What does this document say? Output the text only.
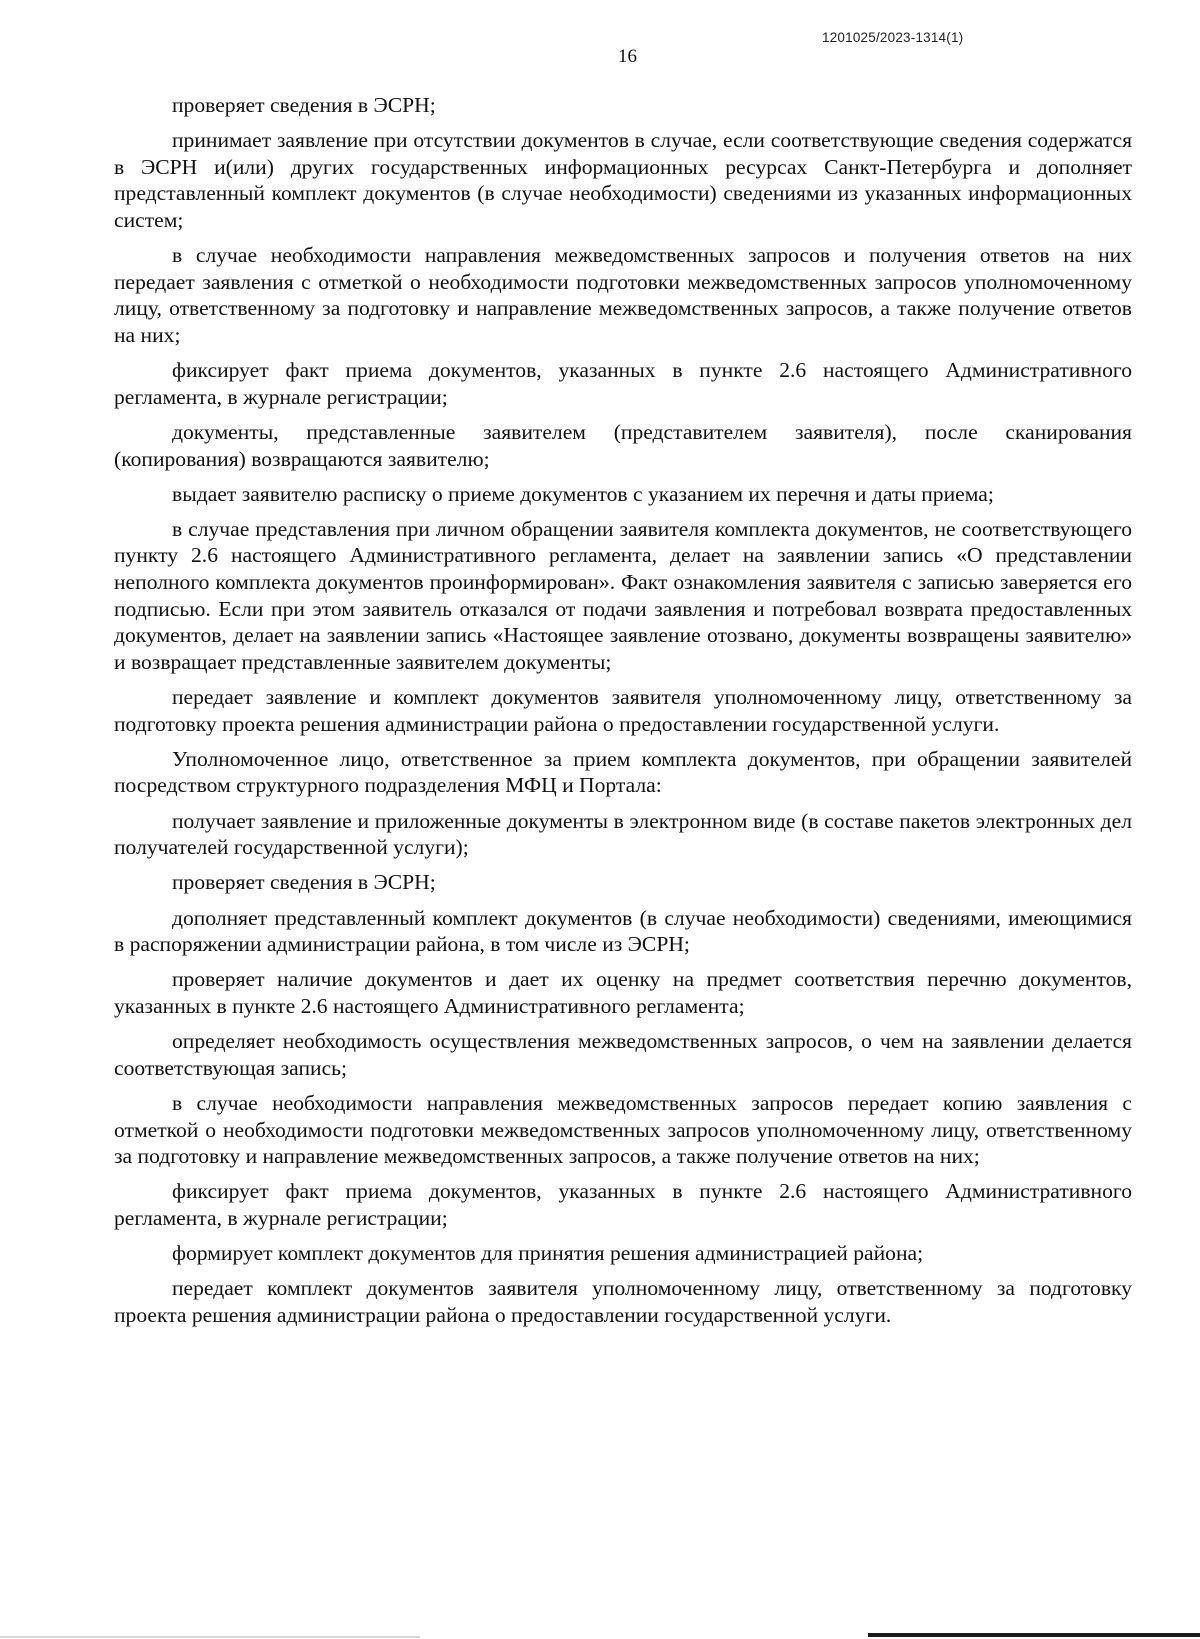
1201025/2023-1314(1)
16

проверяет сведения в ЭСРН;

принимает заявление при отсутствии документов в случае, если соответствующие сведения содержатся в ЭСРН и(или) других государственных информационных ресурсах Санкт-Петербурга и дополняет представленный комплект документов (в случае необходимости) сведениями из указанных информационных систем;

в случае необходимости направления межведомственных запросов и получения ответов на них передает заявления с отметкой о необходимости подготовки межведомственных запросов уполномоченному лицу, ответственному за подготовку и направление межведомственных запросов, а также получение ответов на них;

фиксирует факт приема документов, указанных в пункте 2.6 настоящего Административного регламента, в журнале регистрации;

документы, представленные заявителем (представителем заявителя), после сканирования (копирования) возвращаются заявителю;

выдает заявителю расписку о приеме документов с указанием их перечня и даты приема;

в случае представления при личном обращении заявителя комплекта документов, не соответствующего пункту 2.6 настоящего Административного регламента, делает на заявлении запись «О представлении неполного комплекта документов проинформирован». Факт ознакомления заявителя с записью заверяется его подписью. Если при этом заявитель отказался от подачи заявления и потребовал возврата предоставленных документов, делает на заявлении запись «Настоящее заявление отозвано, документы возвращены заявителю» и возвращает представленные заявителем документы;

передает заявление и комплект документов заявителя уполномоченному лицу, ответственному за подготовку проекта решения администрации района о предоставлении государственной услуги.

Уполномоченное лицо, ответственное за прием комплекта документов, при обращении заявителей посредством структурного подразделения МФЦ и Портала:

получает заявление и приложенные документы в электронном виде (в составе пакетов электронных дел получателей государственной услуги);

проверяет сведения в ЭСРН;

дополняет представленный комплект документов (в случае необходимости) сведениями, имеющимися в распоряжении администрации района, в том числе из ЭСРН;

проверяет наличие документов и дает их оценку на предмет соответствия перечню документов, указанных в пункте 2.6 настоящего Административного регламента;

определяет необходимость осуществления межведомственных запросов, о чем на заявлении делается соответствующая запись;

в случае необходимости направления межведомственных запросов передает копию заявления с отметкой о необходимости подготовки межведомственных запросов уполномоченному лицу, ответственному за подготовку и направление межведомственных запросов, а также получение ответов на них;

фиксирует факт приема документов, указанных в пункте 2.6 настоящего Административного регламента, в журнале регистрации;

формирует комплект документов для принятия решения администрацией района;

передает комплект документов заявителя уполномоченному лицу, ответственному за подготовку проекта решения администрации района о предоставлении государственной услуги.
